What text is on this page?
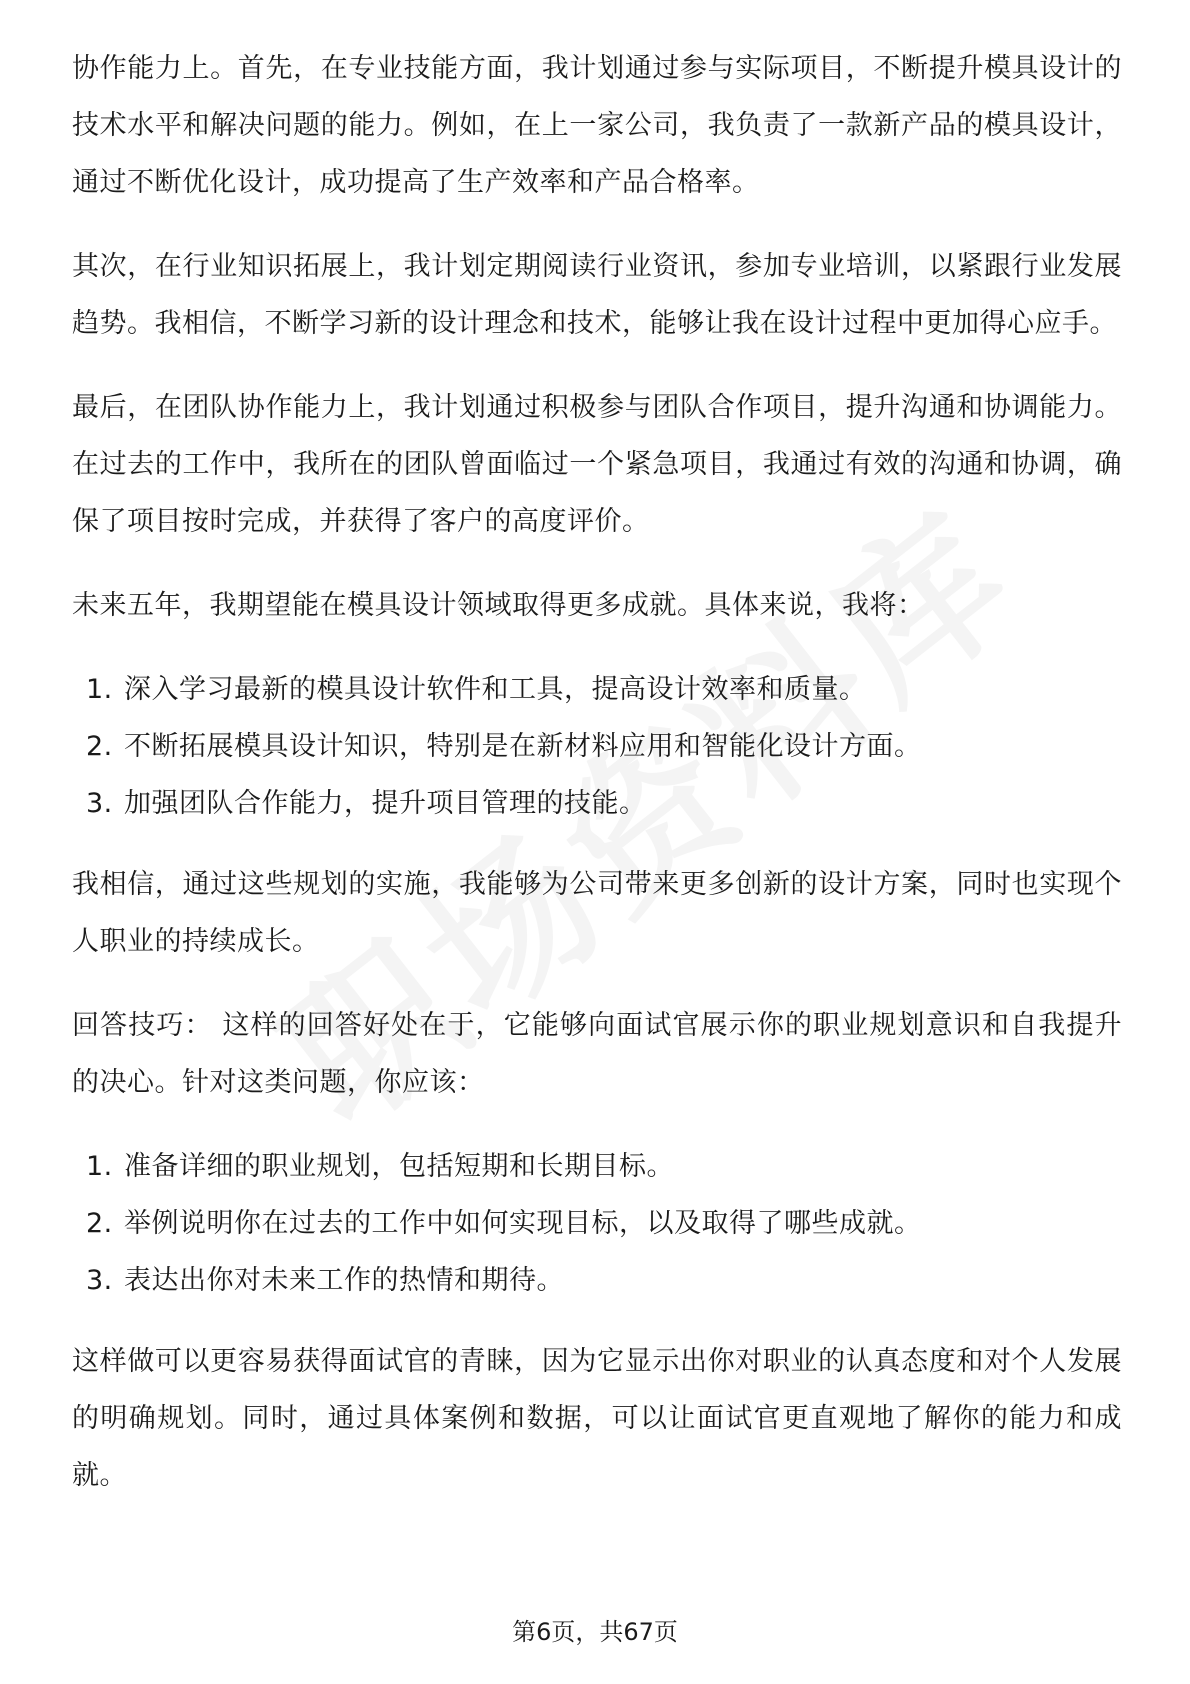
协作能力上。首先，在专业技能方面，我计划通过参与实际项目，不断提升模具设计的技术水平和解决问题的能力。例如，在上一家公司，我负责了一款新产品的模具设计，通过不断优化设计，成功提高了生产效率和产品合格率。

其次，在行业知识拓展上，我计划定期阅读行业资讯，参加专业培训，以紧跟行业发展趋势。我相信，不断学习新的设计理念和技术，能够让我在设计过程中更加得心应手。

最后，在团队协作能力上，我计划通过积极参与团队合作项目，提升沟通和协调能力。在过去的工作中，我所在的团队曾面临过一个紧急项目，我通过有效的沟通和协调，确保了项目按时完成，并获得了客户的高度评价。

未来五年，我期望能在模具设计领域取得更多成就。具体来说，我将：

1. 深入学习最新的模具设计软件和工具，提高设计效率和质量。
2. 不断拓展模具设计知识，特别是在新材料应用和智能化设计方面。
3. 加强团队合作能力，提升项目管理的技能。

我相信，通过这些规划的实施，我能够为公司带来更多创新的设计方案，同时也实现个人职业的持续成长。

回答技巧： 这样的回答好处在于，它能够向面试官展示你的职业规划意识和自我提升的决心。针对这类问题，你应该：

1. 准备详细的职业规划，包括短期和长期目标。
2. 举例说明你在过去的工作中如何实现目标，以及取得了哪些成就。
3. 表达出你对未来工作的热情和期待。

这样做可以更容易获得面试官的青睐，因为它显示出你对职业的认真态度和对个人发展的明确规划。同时，通过具体案例和数据，可以让面试官更直观地了解你的能力和成就。

第6页，共67页
